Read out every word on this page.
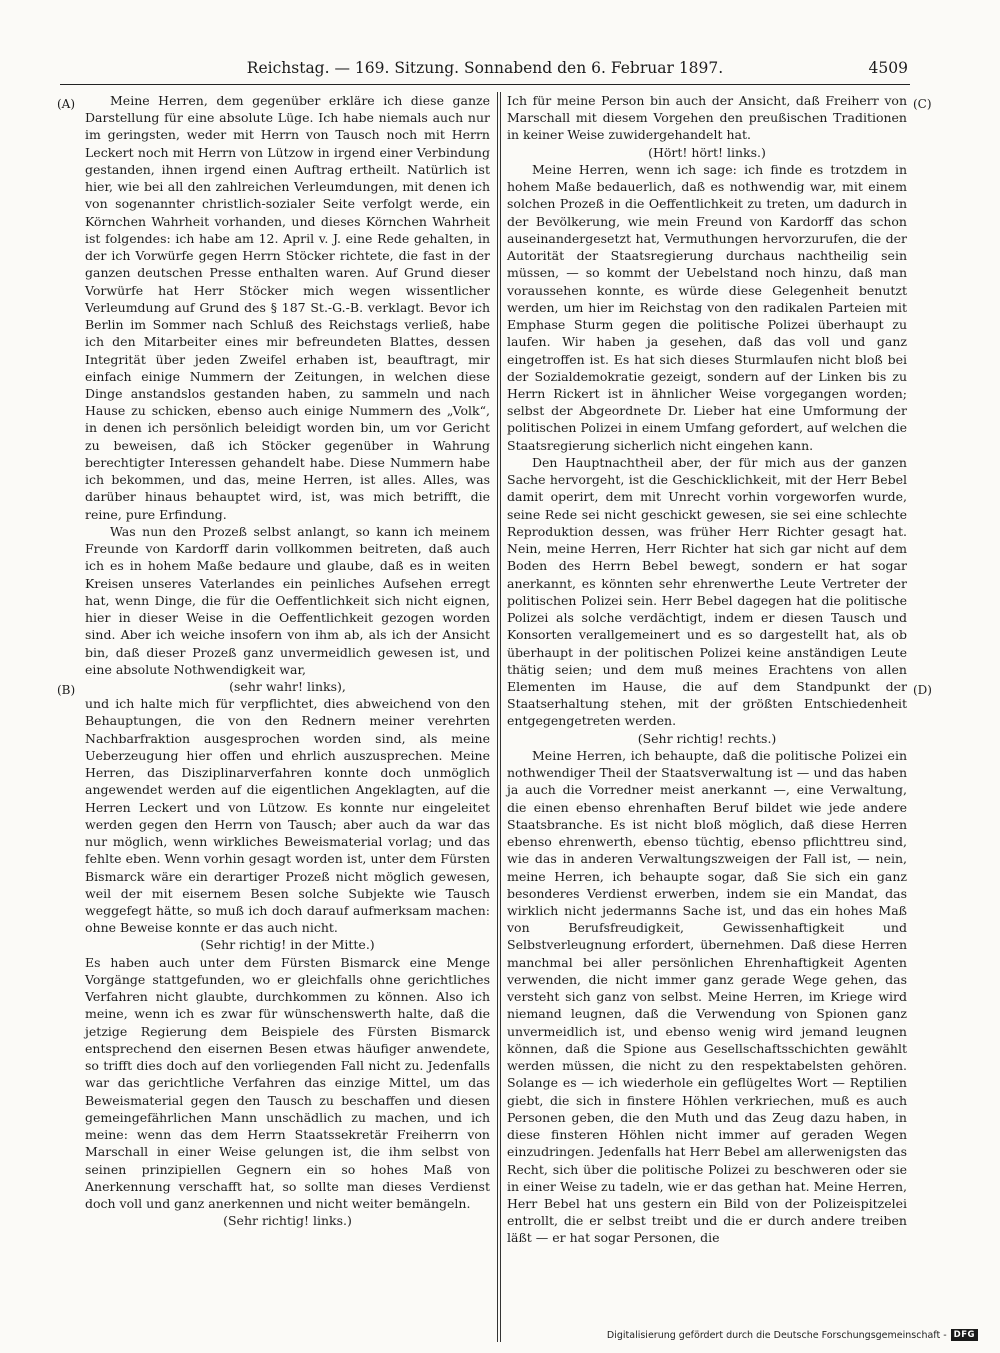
Reichstag. — 169. Sitzung. Sonnabend den 6. Februar 1897.	4509
(A)
(B)
(C)
(D)

Meine Herren, dem gegenüber erkläre ich diese ganze Darstellung für eine absolute Lüge. Ich habe niemals auch nur im geringsten, weder mit Herrn von Tausch noch mit Herrn Leckert noch mit Herrn von Lützow in irgend einer Verbindung gestanden, ihnen irgend einen Auftrag ertheilt. Natürlich ist hier, wie bei all den zahlreichen Verleumdungen, mit denen ich von sogenannter christlich-sozialer Seite verfolgt werde, ein Körnchen Wahrheit vorhanden, und dieses Körnchen Wahrheit ist folgendes: ich habe am 12. April v. J. eine Rede gehalten, in der ich Vorwürfe gegen Herrn Stöcker richtete, die fast in der ganzen deutschen Presse enthalten waren. Auf Grund dieser Vorwürfe hat Herr Stöcker mich wegen wissentlicher Verleumdung auf Grund des § 187 St.-G.-B. verklagt. Bevor ich Berlin im Sommer nach Schluß des Reichstags verließ, habe ich den Mitarbeiter eines mir befreundeten Blattes, dessen Integrität über jeden Zweifel erhaben ist, beauftragt, mir einfach einige Nummern der Zeitungen, in welchen diese Dinge anstandslos gestanden haben, zu sammeln und nach Hause zu schicken, ebenso auch einige Nummern des „Volk“, in denen ich persönlich beleidigt worden bin, um vor Gericht zu beweisen, daß ich Stöcker gegenüber in Wahrung berechtigter Interessen gehandelt habe. Diese Nummern habe ich bekommen, und das, meine Herren, ist alles. Alles, was darüber hinaus behauptet wird, ist, was mich betrifft, die reine, pure Erfindung.

Was nun den Prozeß selbst anlangt, so kann ich meinem Freunde von Kardorff darin vollkommen beitreten, daß auch ich es in hohem Maße bedaure und glaube, daß es in weiten Kreisen unseres Vaterlandes ein peinliches Aufsehen erregt hat, wenn Dinge, die für die Oeffentlichkeit sich nicht eignen, hier in dieser Weise in die Oeffentlichkeit gezogen worden sind. Aber ich weiche insofern von ihm ab, als ich der Ansicht bin, daß dieser Prozeß ganz unvermeidlich gewesen ist, und eine absolute Nothwendigkeit war,

(sehr wahr! links),

und ich halte mich für verpflichtet, dies abweichend von den Behauptungen, die von den Rednern meiner verehrten Nachbarfraktion ausgesprochen worden sind, als meine Ueberzeugung hier offen und ehrlich auszusprechen. Meine Herren, das Disziplinarverfahren konnte doch unmöglich angewendet werden auf die eigentlichen Angeklagten, auf die Herren Leckert und von Lützow. Es konnte nur eingeleitet werden gegen den Herrn von Tausch; aber auch da war das nur möglich, wenn wirkliches Beweismaterial vorlag; und das fehlte eben. Wenn vorhin gesagt worden ist, unter dem Fürsten Bismarck wäre ein derartiger Prozeß nicht möglich gewesen, weil der mit eisernem Besen solche Subjekte wie Tausch weggefegt hätte, so muß ich doch darauf aufmerksam machen: ohne Beweise konnte er das auch nicht.

(Sehr richtig! in der Mitte.)

Es haben auch unter dem Fürsten Bismarck eine Menge Vorgänge stattgefunden, wo er gleichfalls ohne gerichtliches Verfahren nicht glaubte, durchkommen zu können. Also ich meine, wenn ich es zwar für wünschenswerth halte, daß die jetzige Regierung dem Beispiele des Fürsten Bismarck entsprechend den eisernen Besen etwas häufiger anwendete, so trifft dies doch auf den vorliegenden Fall nicht zu. Jedenfalls war das gerichtliche Verfahren das einzige Mittel, um das Beweismaterial gegen den Tausch zu beschaffen und diesen gemeingefährlichen Mann unschädlich zu machen, und ich meine: wenn das dem Herrn Staatssekretär Freiherrn von Marschall in einer Weise gelungen ist, die ihm selbst von seinen prinzipiellen Gegnern ein so hohes Maß von Anerkennung verschafft hat, so sollte man dieses Verdienst doch voll und ganz anerkennen und nicht weiter bemängeln.

(Sehr richtig! links.)

Ich für meine Person bin auch der Ansicht, daß Freiherr von Marschall mit diesem Vorgehen den preußischen Traditionen in keiner Weise zuwidergehandelt hat.

(Hört! hört! links.)

Meine Herren, wenn ich sage: ich finde es trotzdem in hohem Maße bedauerlich, daß es nothwendig war, mit einem solchen Prozeß in die Oeffentlichkeit zu treten, um dadurch in der Bevölkerung, wie mein Freund von Kardorff das schon auseinandergesetzt hat, Vermuthungen hervorzurufen, die der Autorität der Staatsregierung durchaus nachtheilig sein müssen, — so kommt der Uebelstand noch hinzu, daß man voraussehen konnte, es würde diese Gelegenheit benutzt werden, um hier im Reichstag von den radikalen Parteien mit Emphase Sturm gegen die politische Polizei überhaupt zu laufen. Wir haben ja gesehen, daß das voll und ganz eingetroffen ist. Es hat sich dieses Sturmlaufen nicht bloß bei der Sozialdemokratie gezeigt, sondern auf der Linken bis zu Herrn Rickert ist in ähnlicher Weise vorgegangen worden; selbst der Abgeordnete Dr. Lieber hat eine Umformung der politischen Polizei in einem Umfang gefordert, auf welchen die Staatsregierung sicherlich nicht eingehen kann.

Den Hauptnachtheil aber, der für mich aus der ganzen Sache hervorgeht, ist die Geschicklichkeit, mit der Herr Bebel damit operirt, dem mit Unrecht vorhin vorgeworfen wurde, seine Rede sei nicht geschickt gewesen, sie sei eine schlechte Reproduktion dessen, was früher Herr Richter gesagt hat. Nein, meine Herren, Herr Richter hat sich gar nicht auf dem Boden des Herrn Bebel bewegt, sondern er hat sogar anerkannt, es könnten sehr ehrenwerthe Leute Vertreter der politischen Polizei sein. Herr Bebel dagegen hat die politische Polizei als solche verdächtigt, indem er diesen Tausch und Konsorten verallgemeinert und es so dargestellt hat, als ob überhaupt in der politischen Polizei keine anständigen Leute thätig seien; und dem muß meines Erachtens von allen Elementen im Hause, die auf dem Standpunkt der Staatserhaltung stehen, mit der größten Entschiedenheit entgegengetreten werden.

(Sehr richtig! rechts.)

Meine Herren, ich behaupte, daß die politische Polizei ein nothwendiger Theil der Staatsverwaltung ist — und das haben ja auch die Vorredner meist anerkannt —, eine Verwaltung, die einen ebenso ehrenhaften Beruf bildet wie jede andere Staatsbranche. Es ist nicht bloß möglich, daß diese Herren ebenso ehrenwerth, ebenso tüchtig, ebenso pflichttreu sind, wie das in anderen Verwaltungszweigen der Fall ist, — nein, meine Herren, ich behaupte sogar, daß Sie sich ein ganz besonderes Verdienst erwerben, indem sie ein Mandat, das wirklich nicht jedermanns Sache ist, und das ein hohes Maß von Berufsfreudigkeit, Gewissenhaftigkeit und Selbstverleugnung erfordert, übernehmen. Daß diese Herren manchmal bei aller persönlichen Ehrenhaftigkeit Agenten verwenden, die nicht immer ganz gerade Wege gehen, das versteht sich ganz von selbst. Meine Herren, im Kriege wird niemand leugnen, daß die Verwendung von Spionen ganz unvermeidlich ist, und ebenso wenig wird jemand leugnen können, daß die Spione aus Gesellschaftsschichten gewählt werden müssen, die nicht zu den respektabelsten gehören. Solange es — ich wiederhole ein geflügeltes Wort — Reptilien giebt, die sich in finstere Höhlen verkriechen, muß es auch Personen geben, die den Muth und das Zeug dazu haben, in diese finsteren Höhlen nicht immer auf geraden Wegen einzudringen. Jedenfalls hat Herr Bebel am allerwenigsten das Recht, sich über die politische Polizei zu beschweren oder sie in einer Weise zu tadeln, wie er das gethan hat. Meine Herren, Herr Bebel hat uns gestern ein Bild von der Polizeispitzelei entrollt, die er selbst treibt und die er durch andere treiben läßt — er hat sogar Personen, die

Digitalisierung gefördert durch die Deutsche Forschungsgemeinschaft - DFG
